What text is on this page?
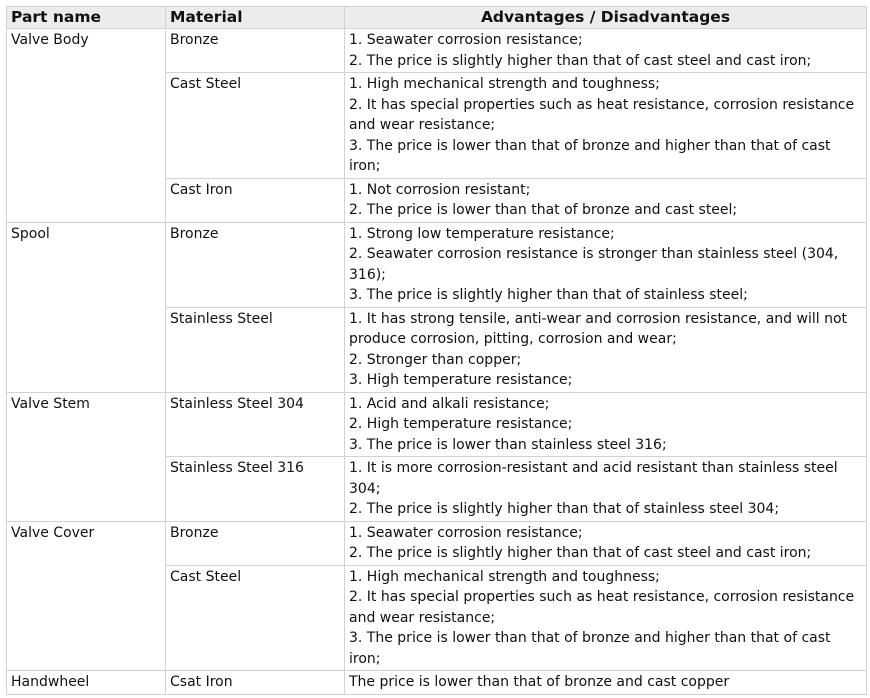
Part name	Material	Advantages / Disadvantages
Valve Body	Bronze	1. Seawater corrosion resistance;
2. The price is slightly higher than that of cast steel and cast iron;

	Cast Steel	1. High mechanical strength and toughness;
2. It has special properties such as heat resistance, corrosion resistance and wear resistance;
3. The price is lower than that of bronze and higher than that of cast iron;

	Cast Iron	1. Not corrosion resistant;
2. The price is lower than that of bronze and cast steel;

Spool	Bronze	1. Strong low temperature resistance;
2. Seawater corrosion resistance is stronger than stainless steel (304, 316);
3. The price is slightly higher than that of stainless steel;

	Stainless Steel	1. It has strong tensile, anti-wear and corrosion resistance, and will not produce corrosion, pitting, corrosion and wear;
2. Stronger than copper;
3. High temperature resistance;

Valve Stem	Stainless Steel 304	1. Acid and alkali resistance;
2. High temperature resistance;
3. The price is lower than stainless steel 316;

	Stainless Steel 316	1. It is more corrosion-resistant and acid resistant than stainless steel 304;
2. The price is slightly higher than that of stainless steel 304;

Valve Cover	Bronze	1. Seawater corrosion resistance;
2. The price is slightly higher than that of cast steel and cast iron;

	Cast Steel	1. High mechanical strength and toughness;
2. It has special properties such as heat resistance, corrosion resistance and wear resistance;
3. The price is lower than that of bronze and higher than that of cast iron;

Handwheel	Csat Iron	The price is lower than that of bronze and cast copper
